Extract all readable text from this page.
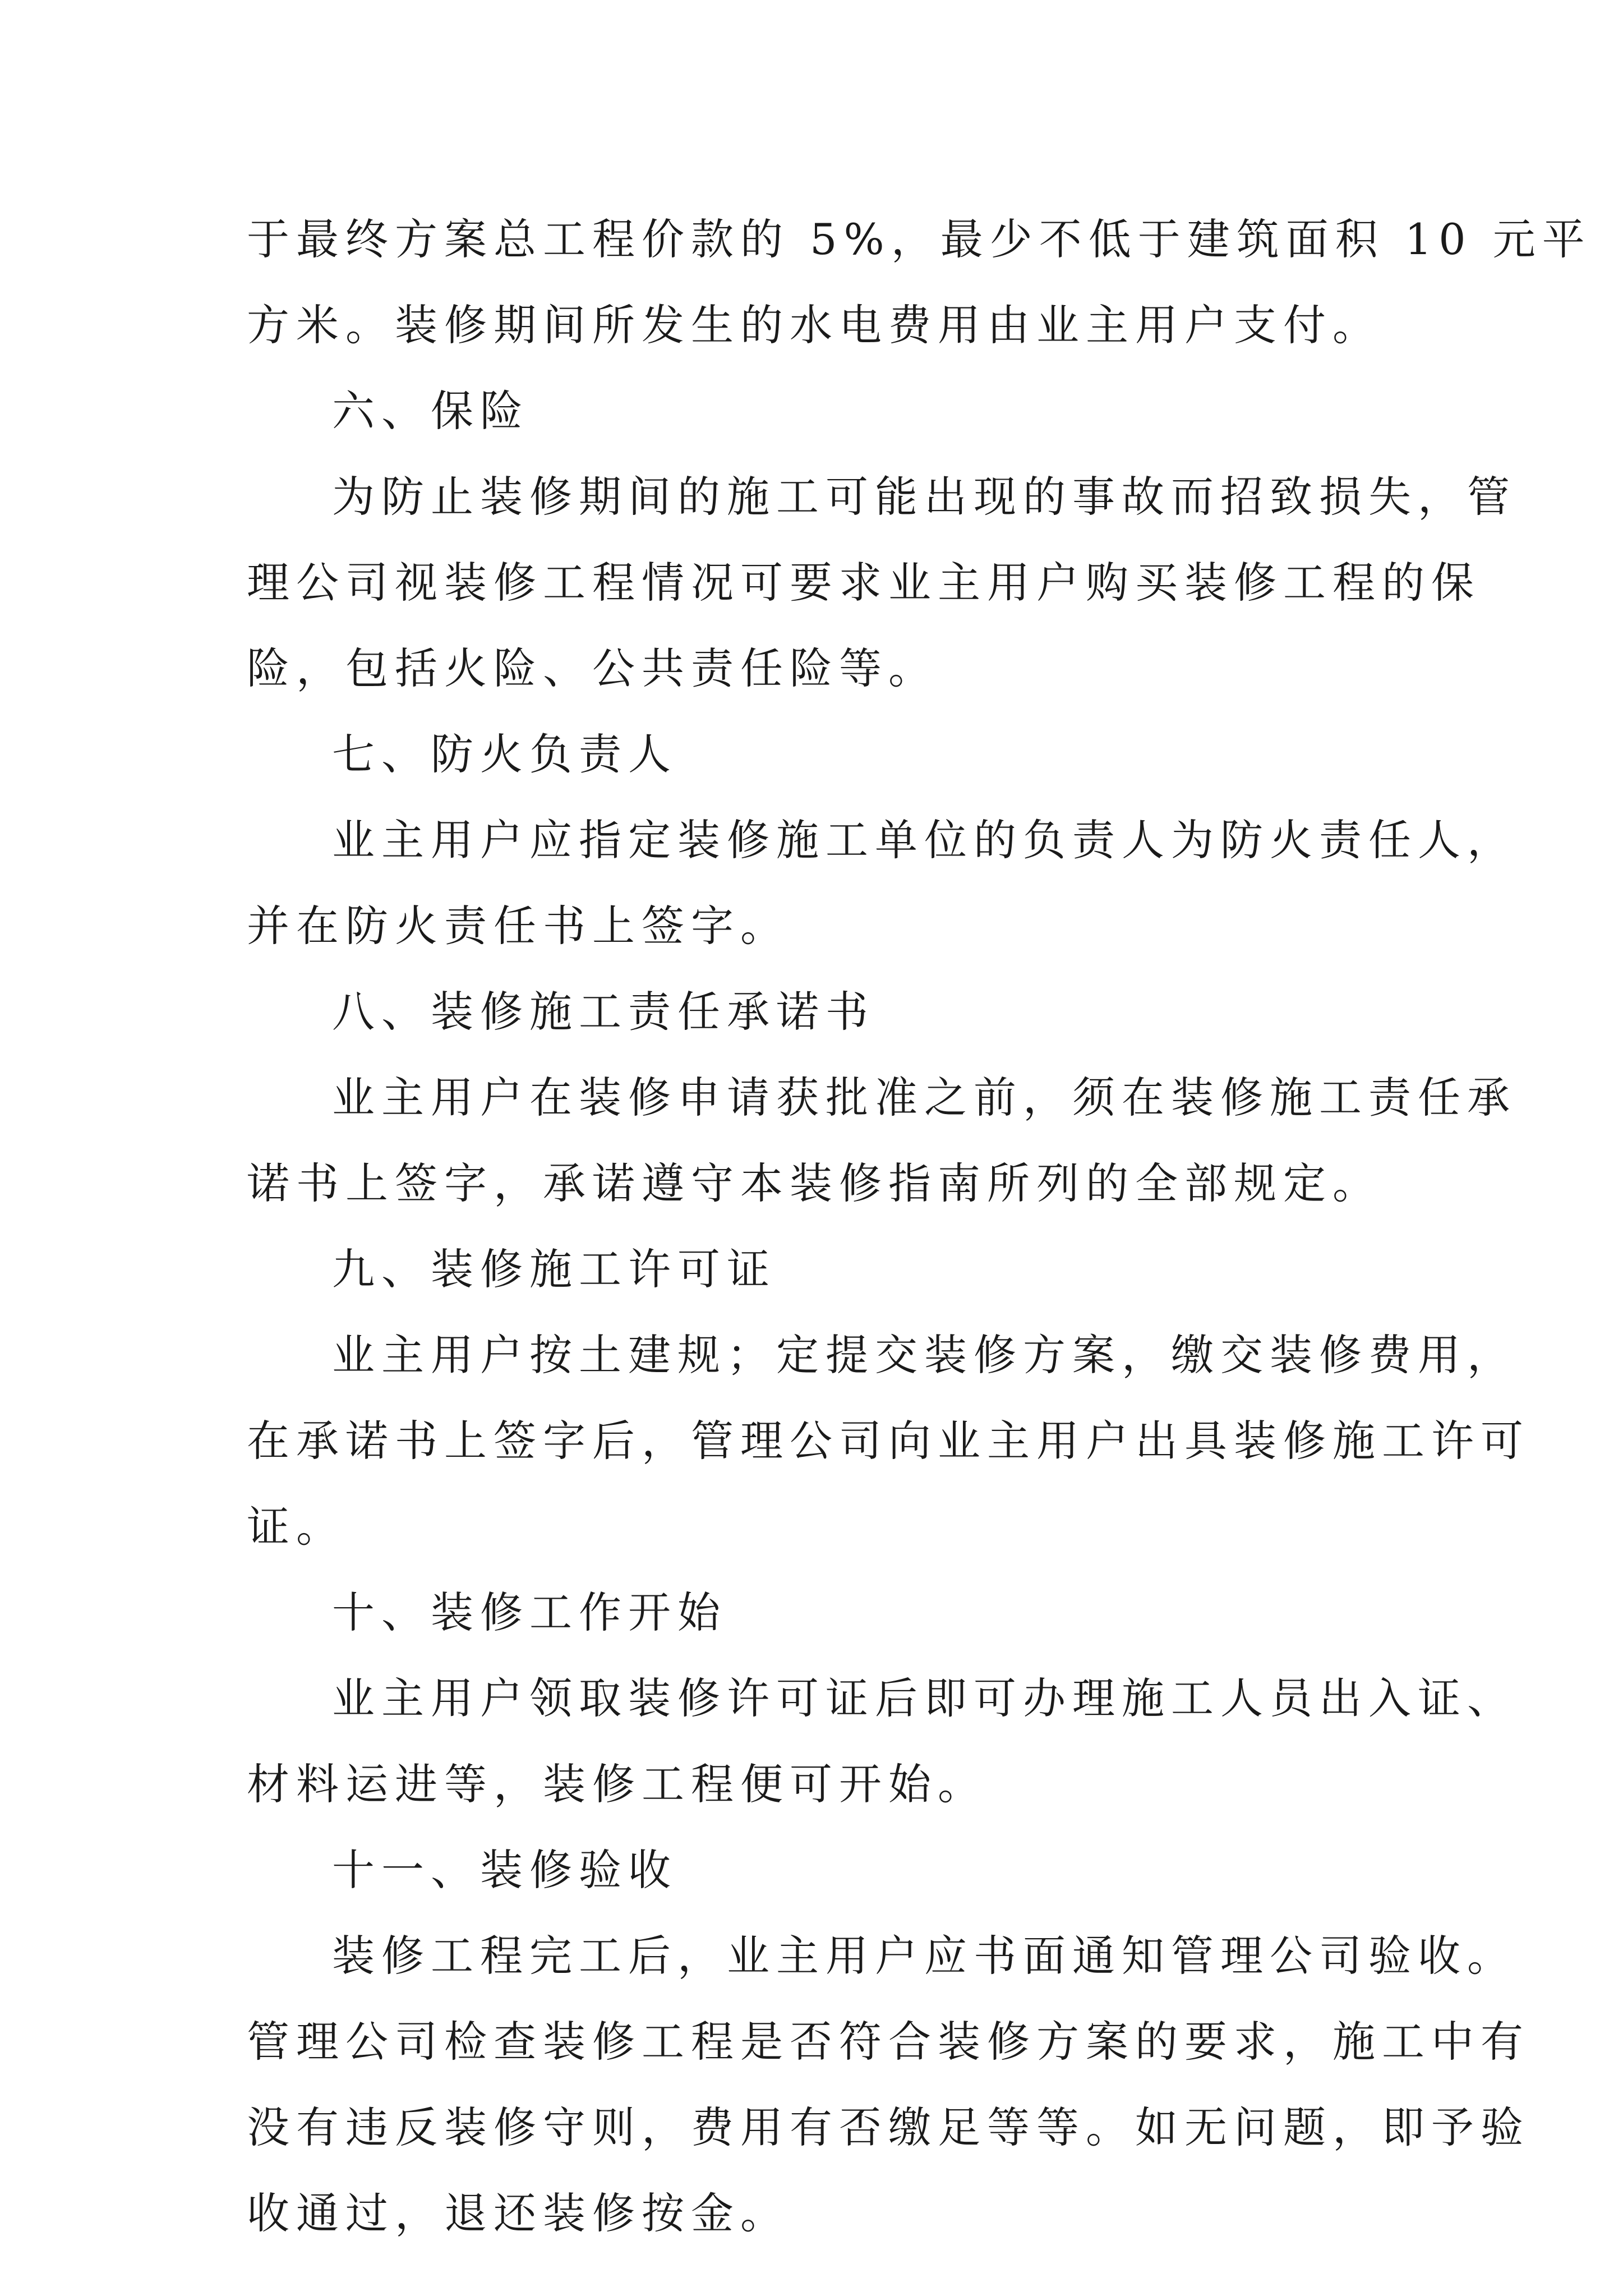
于最终方案总工程价款的 5%，最少不低于建筑面积 10 元平

方米。装修期间所发生的水电费用由业主用户支付。

六、保险

为防止装修期间的施工可能出现的事故而招致损失，管

理公司视装修工程情况可要求业主用户购买装修工程的保

险，包括火险、公共责任险等。

七、防火负责人

业主用户应指定装修施工单位的负责人为防火责任人，

并在防火责任书上签字。

八、装修施工责任承诺书

业主用户在装修申请获批准之前，须在装修施工责任承

诺书上签字，承诺遵守本装修指南所列的全部规定。

九、装修施工许可证

业主用户按土建规；定提交装修方案，缴交装修费用，

在承诺书上签字后，管理公司向业主用户出具装修施工许可

证。

十、装修工作开始

业主用户领取装修许可证后即可办理施工人员出入证、

材料运进等，装修工程便可开始。

十一、装修验收

装修工程完工后，业主用户应书面通知管理公司验收。

管理公司检查装修工程是否符合装修方案的要求，施工中有

没有违反装修守则，费用有否缴足等等。如无问题，即予验

收通过，退还装修按金。
